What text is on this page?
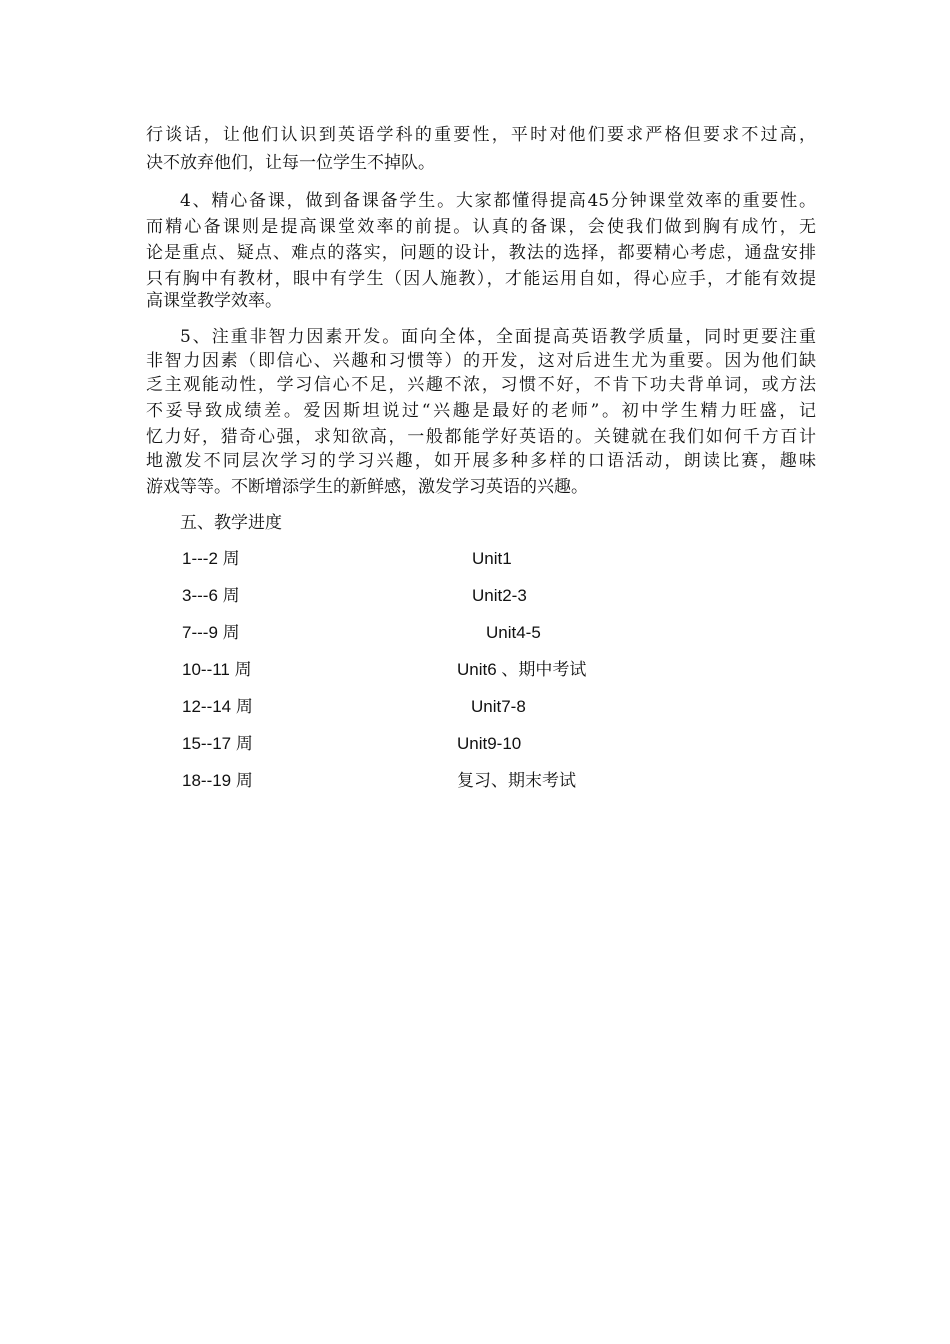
行谈话，让他们认识到英语学科的重要性，平时对他们要求严格但要求不过高，
决不放弃他们，让每一位学生不掉队。
4、精心备课，做到备课备学生。大家都懂得提高45分钟课堂效率的重要性。
而精心备课则是提高课堂效率的前提。认真的备课，会使我们做到胸有成竹，无
论是重点、疑点、难点的落实，问题的设计，教法的选择，都要精心考虑，通盘安排
只有胸中有教材，眼中有学生（因人施教），才能运用自如，得心应手，才能有效提
高课堂教学效率。
5、注重非智力因素开发。面向全体，全面提高英语教学质量，同时更要注重
非智力因素（即信心、兴趣和习惯等）的开发，这对后进生尤为重要。因为他们缺
乏主观能动性，学习信心不足，兴趣不浓，习惯不好，不肯下功夫背单词，或方法
不妥导致成绩差。爱因斯坦说过“兴趣是最好的老师”。初中学生精力旺盛，记
忆力好，猎奇心强，求知欲高，一般都能学好英语的。关键就在我们如何千方百计
地激发不同层次学习的学习兴趣，如开展多种多样的口语活动，朗读比赛，趣味
游戏等等。不断增添学生的新鲜感，激发学习英语的兴趣。
五、教学进度
1---2 周	Unit1
3---6 周	Unit2-3
7---9 周	Unit4-5
10--11 周	Unit6 、期中考试
12--14 周	Unit7-8
15--17 周	Unit9-10
18--19 周	复习、期末考试
